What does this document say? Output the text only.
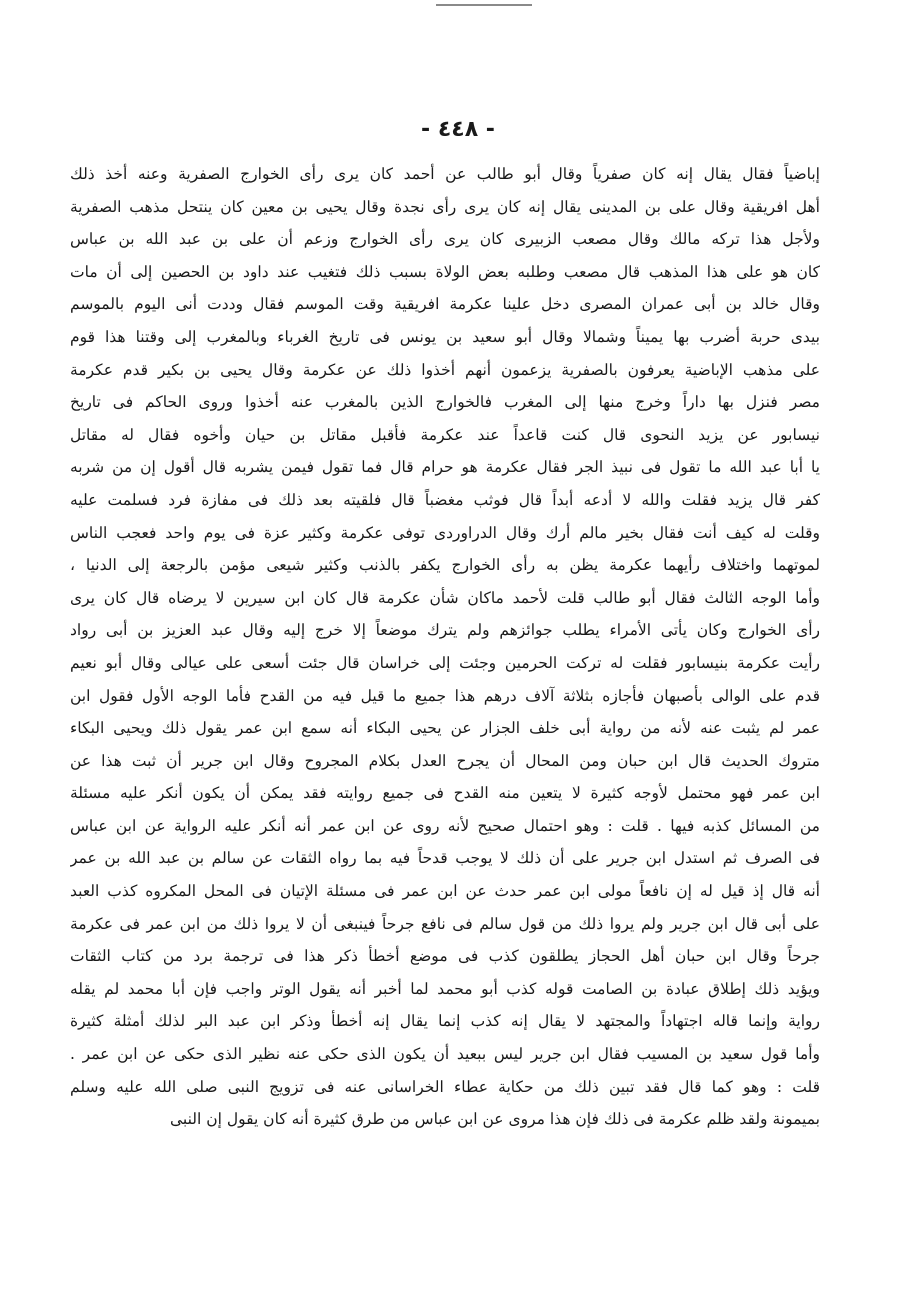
- ٤٤٨ -
إباضياً فقال يقال إنه كان صفرياً وقال أبو طالب عن أحمد كان يرى رأى الخوارج الصفرية وعنه أخذ ذلك
أهل افريقية وقال على بن المدينى يقال إنه كان يرى رأى نجدة وقال يحيى بن معين كان ينتحل مذهب الصفرية
ولأجل هذا تركه مالك وقال مصعب الزبيرى كان يرى رأى الخوارج وزعم أن على بن عبد الله بن عباس
كان هو على هذا المذهب قال مصعب وطلبه بعض الولاة بسبب ذلك فتغيب عند داود بن الحصين إلى أن مات
وقال خالد بن أبى عمران المصرى دخل علينا عكرمة افريقية وقت الموسم فقال وددت أنى اليوم بالموسم
بيدى حربة أضرب بها يميناً وشمالا وقال أبو سعيد بن يونس فى تاريخ الغرباء وبالمغرب إلى وقتنا هذا قوم
على مذهب الإباضية يعرفون بالصفرية يزعمون أنهم أخذوا ذلك عن عكرمة وقال يحيى بن بكير قدم عكرمة
مصر فنزل بها داراً وخرج منها إلى المغرب فالخوارج الذين بالمغرب عنه أخذوا وروى الحاكم فى تاريخ
نيسابور عن يزيد النحوى قال كنت قاعداً عند عكرمة فأقبل مقاتل بن حيان وأخوه فقال له مقاتل
يا أبا عبد الله ما تقول فى نبيذ الجر فقال عكرمة هو حرام قال فما تقول فيمن يشربه قال أقول إن من شربه
كفر قال يزيد فقلت والله لا أدعه أبداً قال فوثب مغضباً قال فلقيته بعد ذلك فى مفازة فرد فسلمت عليه
وقلت له كيف أنت فقال بخير مالم أرك وقال الدراوردى توفى عكرمة وكثير عزة فى يوم واحد فعجب الناس
لموتهما واختلاف رأيهما عكرمة يظن به رأى الخوارج يكفر بالذنب وكثير شيعى مؤمن بالرجعة إلى الدنيا ،
وأما الوجه الثالث فقال أبو طالب قلت لأحمد ماكان شأن عكرمة قال كان ابن سيرين لا يرضاه قال كان يرى
رأى الخوارج وكان يأتى الأمراء يطلب جوائزهم ولم يترك موضعاً إلا خرج إليه وقال عبد العزيز بن أبى رواد
رأيت عكرمة بنيسابور فقلت له تركت الحرمين وجئت إلى خراسان قال جئت أسعى على عيالى وقال أبو نعيم
قدم على الوالى بأصبهان فأجازه بثلاثة آلاف درهم هذا جميع ما قيل فيه من القدح فأما الوجه الأول فقول ابن
عمر لم يثبت عنه لأنه من رواية أبى خلف الجزار عن يحيى البكاء أنه سمع ابن عمر يقول ذلك ويحيى البكاء
متروك الحديث قال ابن حبان ومن المحال أن يجرح العدل بكلام المجروح وقال ابن جرير أن ثبت هذا عن
ابن عمر فهو محتمل لأوجه كثيرة لا يتعين منه القدح فى جميع روايته فقد يمكن أن يكون أنكر عليه مسئلة
من المسائل كذبه فيها . قلت : وهو احتمال صحيح لأنه روى عن ابن عمر أنه أنكر عليه الرواية عن ابن عباس
فى الصرف ثم استدل ابن جرير على أن ذلك لا يوجب قدحاً فيه بما رواه الثقات عن سالم بن عبد الله بن عمر
أنه قال إذ قيل له إن نافعاً مولى ابن عمر حدث عن ابن عمر فى مسئلة الإتيان فى المحل المكروه كذب العبد
على أبى قال ابن جرير ولم يروا ذلك من قول سالم فى نافع جرحاً فينبغى أن لا يروا ذلك من ابن عمر فى عكرمة
جرحاً وقال ابن حبان أهل الحجاز يطلقون كذب فى موضع أخطأ ذكر هذا فى ترجمة برد من كتاب الثقات
ويؤيد ذلك إطلاق عبادة بن الصامت قوله كذب أبو محمد لما أخبر أنه يقول الوتر واجب فإن أبا محمد لم يقله
رواية وإنما قاله اجتهاداً والمجتهد لا يقال إنه كذب إنما يقال إنه أخطأ وذكر ابن عبد البر لذلك أمثلة كثيرة
وأما قول سعيد بن المسيب فقال ابن جرير ليس ببعيد أن يكون الذى حكى عنه نظير الذى حكى عن ابن عمر .
قلت : وهو كما قال فقد تبين ذلك من حكاية عطاء الخراسانى عنه فى تزويج النبى صلى الله عليه وسلم
بميمونة ولقد ظلم عكرمة فى ذلك فإن هذا مروى عن ابن عباس من طرق كثيرة أنه كان يقول إن النبى
